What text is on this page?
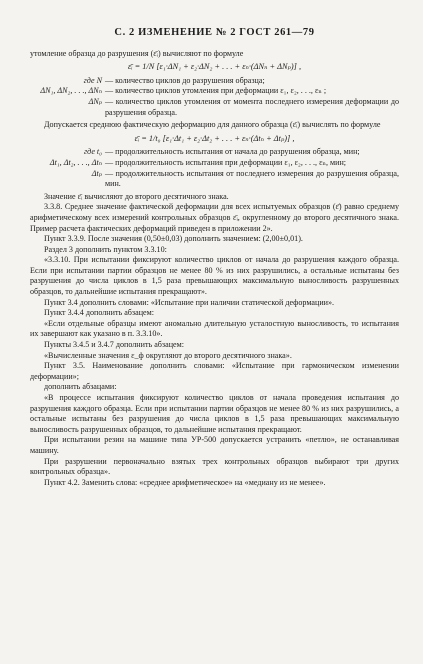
С. 2 ИЗМЕНЕНИЕ № 2 ГОСТ 261—79

утомление образца до разрушения (ε̄ᵢ) вычисляют по формуле

ε̄ᵢ = 1/N [ε₁·ΔN₁ + ε₂·ΔN₂ + . . . + εₙ·(ΔNₙ + ΔNₚ)] ,
где N — количество циклов до разрушения образца;
ΔN₁, ΔN₂, . . ., ΔNₙ — количество циклов утомления при деформации ε₁, ε₂, . . ., εₙ ;
ΔNₚ — количество циклов утомления от момента последнего измерения деформации до разрушения образца.

Допускается среднюю фактическую деформацию для данного образца (ε̄ᵢ) вычислять по формуле

ε̄ᵢ = 1/t₀ [ε₁·Δt₁ + ε₂·Δt₂ + . . . + εₙ·(Δtₙ + Δtₚ)] ,
где t₀ — продолжительность испытания от начала до разрушения образца, мин;
Δt₁, Δt₂, . . ., Δtₙ — продолжительность испытания при деформации ε₁, ε₂, . . ., εₙ, мин;
Δtₚ — продолжительность испытания от последнего измерения до разрушения образца, мин.

Значение ε̄ᵢ вычисляют до второго десятичного знака.

3.3.8. Среднее значение фактической деформации для всех испытуемых образцов (ε̄) равно среднему арифметическому всех измерений контрольных образцов ε̄ᵢ, округленному до второго десятичного знака. Пример расчета фактических деформаций приведен в приложении 2».

Пункт 3.3.9. После значения (0,50±0,03) дополнить значением: (2,00±0,01).

Раздел 3 дополнить пунктом 3.3.10:

«3.3.10. При испытании фиксируют количество циклов от начала до разрушения каждого образца. Если при испытании партии образцов не менее 80 % из них разрушились, а остальные испытаны без разрушения до числа циклов в 1,5 раза превышающих максимальную выносливость разрушенных образцов, то дальнейшие испытания прекращают».

Пункт 3.4 дополнить словами: «Испытание при наличии статической деформации».

Пункт 3.4.4 дополнить абзацем:

«Если отдельные образцы имеют аномально длительную усталостную выносливость, то испытания их завершают как указано в п. 3.3.10».

Пункты 3.4.5 и 3.4.7 дополнить абзацем:

«Вычисленные значения ε_ф округляют до второго десятичного знака».

Пункт 3.5. Наименование дополнить словами: «Испытание при гармоническом изменении деформации»;

дополнить абзацами:

«В процессе испытания фиксируют количество циклов от начала проведения испытания до разрушения каждого образца. Если при испытании партии образцов не менее 80 % из них разрушились, а остальные испытаны без разрушения до числа циклов в 1,5 раза превышающих максимальную выносливость разрушенных образцов, то дальнейшие испытания прекращают.

При испытании резин на машине типа УР-500 допускается устранить «петлю», не останавливая машину.

При разрушении первоначально взятых трех контрольных образцов выбирают три других контрольных образца».

Пункт 4.2. Заменить слова: «среднее арифметическое» на «медиану из не менее».
